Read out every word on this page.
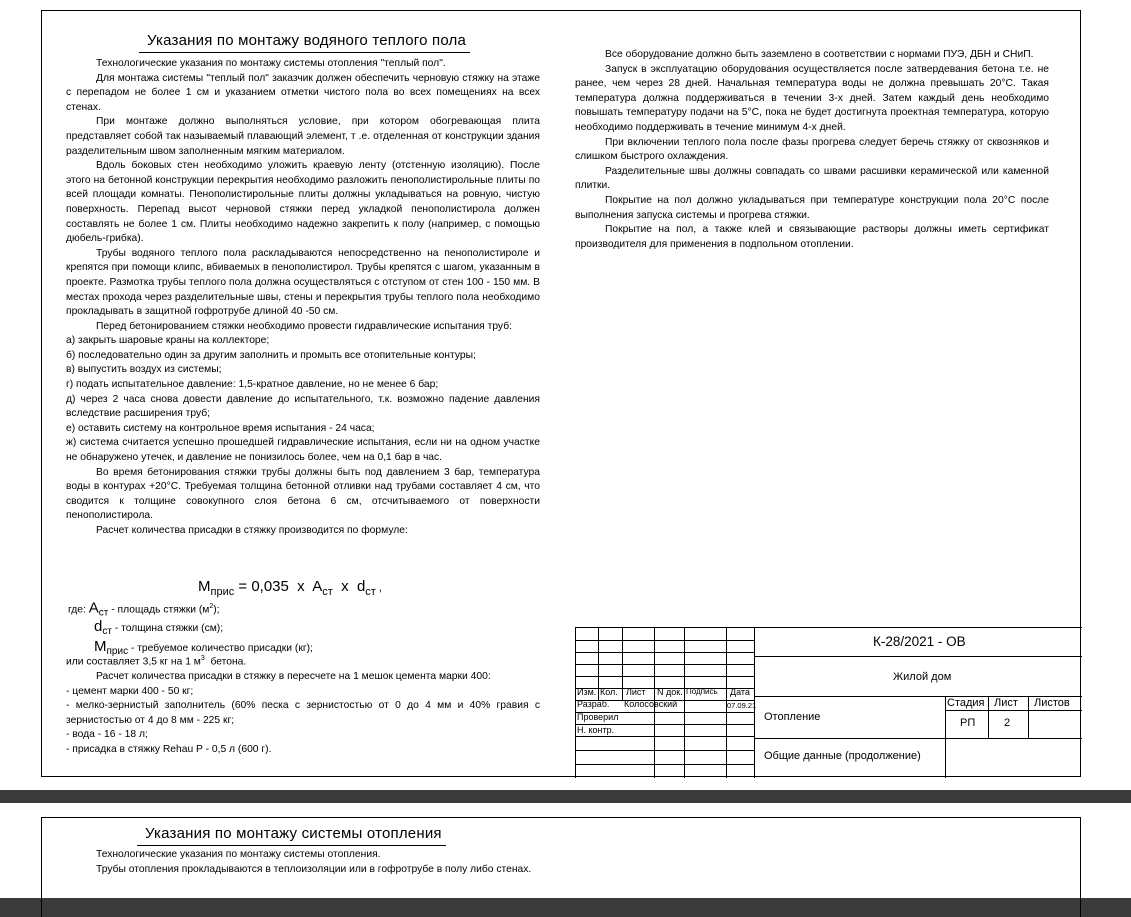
Указания по монтажу водяного теплого пола

Технологические указания по монтажу системы отопления "теплый пол".

Для монтажа системы "теплый пол" заказчик должен обеспечить черновую стяжку на этаже с перепадом не более 1 см и указанием отметки чистого пола во всех помещениях на всех стенах.

При монтаже должно выполняться условие, при котором обогревающая плита представляет собой так называемый плавающий элемент, т .е. отделенная от конструкции здания разделительным швом заполненным мягким материалом.

Вдоль боковых стен необходимо уложить краевую ленту (отстенную изоляцию). После этого на бетонной конструкции перекрытия необходимо разложить пенополистирольные плиты по всей площади комнаты. Пенополистирольные плиты должны укладываться на ровную, чистую поверхность. Перепад высот черновой стяжки перед укладкой пенополистирола должен составлять не более 1 см. Плиты необходимо надежно закрепить к полу (например, с помощью дюбель-грибка).

Трубы водяного теплого пола раскладываются непосредственно на пенополистироле и крепятся при помощи клипс, вбиваемых в пенополистирол. Трубы крепятся с шагом, указанным в проекте. Размотка трубы теплого пола должна осуществляться с отступом от стен 100 - 150 мм. В местах прохода через разделительные швы, стены и перекрытия трубы теплого пола необходимо прокладывать в защитной гофротрубе длиной 40 -50 см.

Перед бетонированием стяжки необходимо провести гидравлические испытания труб:

а) закрыть шаровые краны на коллекторе;

б) последовательно один за другим заполнить и промыть все отопительные контуры;

в) выпустить воздух из системы;

г) подать испытательное давление: 1,5-кратное давление, но не менее 6 бар;

д) через 2 часа снова довести давление до испытательного, т.к. возможно падение давления вследствие расширения труб;

е) оставить систему на контрольное время испытания - 24 часа;

ж) система считается успешно прошедшей гидравлические испытания, если ни на одном участке не обнаружено утечек, и давление не понизилось более, чем на 0,1 бар в час.

Во время бетонирования стяжки трубы должны быть под давлением 3 бар, температура воды в контурах +20°С. Требуемая толщина бетонной отливки над трубами составляет 4 см, что сводится к толщине совокупного слоя бетона 6 см, отсчитываемого от поверхности пенополистирола.

Расчет количества присадки в стяжку производится по формуле:

$M_{прис} = 0,035$  x  $A_{ст}$  x  $d_{ст}$ ,
где: $A_{ст}$ - площадь стяжки $(м^2)$;
$d_{ст}$ - толщина стяжки (см);
$M_{прис}$ - требуемое количество присадки (кг);

или составляет 3,5 кг на 1 $м^3$  бетона.

Расчет количества присадки в стяжку в пересчете на 1 мешок цемента марки 400:

- цемент марки 400 - 50 кг;

- мелко-зернистый заполнитель (60% песка с зернистостью от 0 до 4 мм и 40% гравия с зернистостью от 4 до 8 мм - 225 кг;

- вода - 16 - 18 л;

- присадка в стяжку Rehau P - 0,5 л (600 г).

Все оборудование должно быть заземлено в соответствии с нормами ПУЭ, ДБН и СНиП.

Запуск в эксплуатацию оборудования осуществляется после затвердевания бетона т.е. не ранее, чем через 28 дней. Начальная температура воды не должна превышать 20°С. Такая температура должна поддерживаться в течении 3-х дней. Затем каждый день необходимо повышать температуру подачи на 5°С, пока не будет достигнута проектная температура, которую необходимо поддерживать в течение минимум 4-х дней.

При включении теплого пола после фазы прогрева следует беречь стяжку от сквозняков и слишком быстрого охлаждения.

Разделительные швы должны совпадать со швами расшивки керамической или каменной плитки.

Покрытие на пол должно укладываться при температуре конструкции пола 20°С после выполнения запуска системы и прогрева стяжки.

Покрытие на пол, а также клей и связывающие растворы должны иметь сертификат производителя для применения в подпольном отоплении.

Изм. Кол. Лист N док. Подпись Дата
Разраб.
Проверил
Н. контр.
Колосовский	07.09.21
К-28/2021 - ОВ
Жилой дом
Отопление
Общие данные (продолжение)
Стадия Лист Листов
РП	2
Указания по монтажу системы отопления

Технологические указания по монтажу системы отопления.

Трубы отопления прокладываются в теплоизоляции или в гофротрубе в полу либо стенах.
